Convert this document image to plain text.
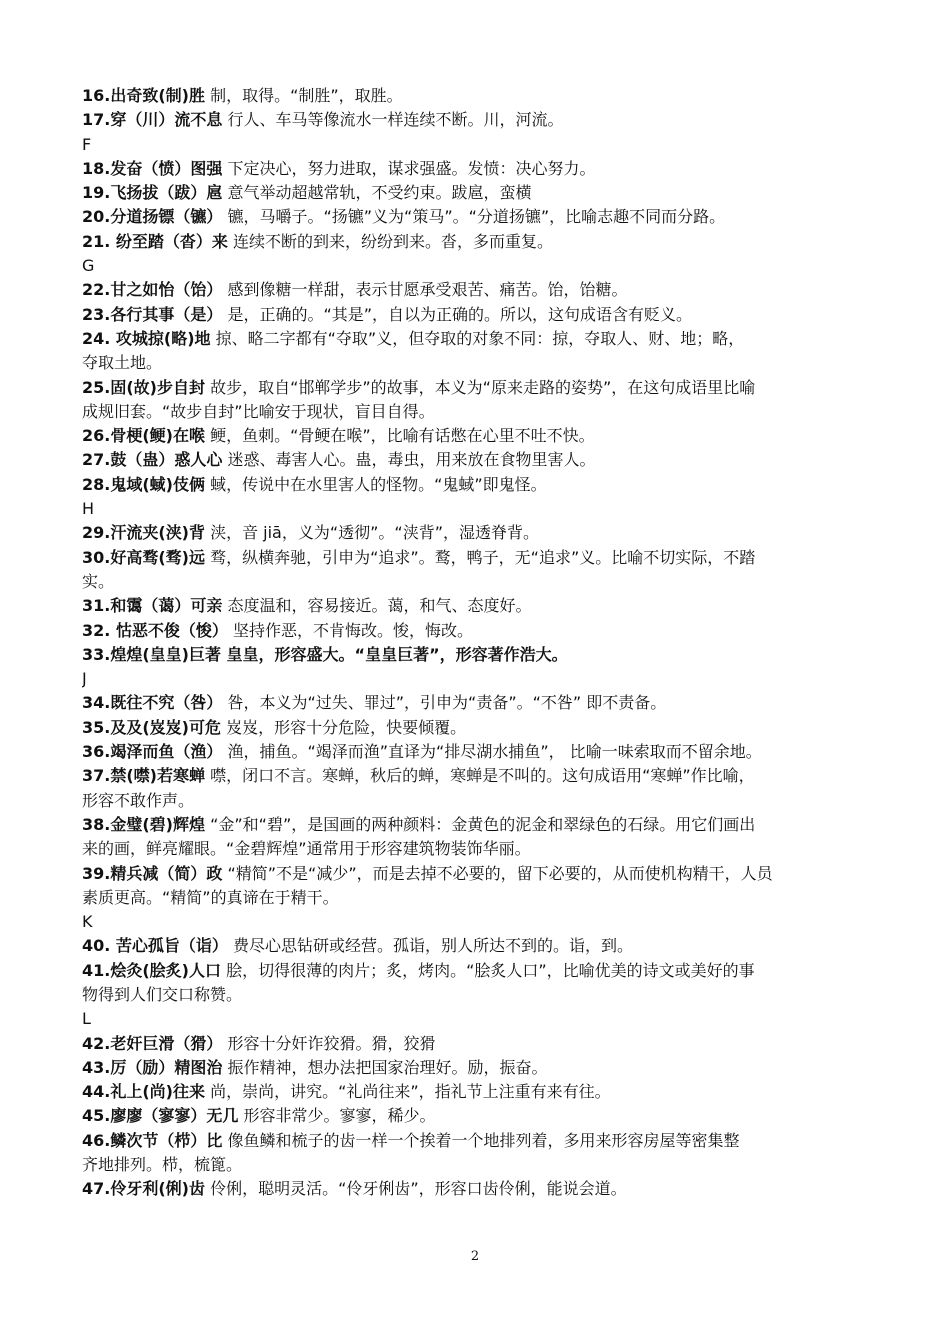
16.出奇致(制)胜 制，取得。“制胜”，取胜。
17.穿（川）流不息 行人、车马等像流水一样连续不断。川，河流。
F
18.发奋（愤）图强 下定决心，努力进取，谋求强盛。发愤：决心努力。
19.飞扬拔（跋）扈 意气举动超越常轨，不受约束。跋扈，蛮横
20.分道扬镖（镳） 镳，马嚼子。“扬镳”义为“策马”。“分道扬镳”，比喻志趣不同而分路。
21. 纷至踏（沓）来 连续不断的到来，纷纷到来。沓，多而重复。
G
22.甘之如怡（饴） 感到像糖一样甜，表示甘愿承受艰苦、痛苦。饴，饴糖。
23.各行其事（是） 是，正确的。“其是”，自以为正确的。所以，这句成语含有贬义。
24. 攻城掠(略)地 掠、略二字都有“夺取”义，但夺取的对象不同：掠，夺取人、财、地；略，
夺取土地。
25.固(故)步自封 故步，取自“邯郸学步”的故事，本义为“原来走路的姿势”，在这句成语里比喻
成规旧套。“故步自封”比喻安于现状，盲目自得。
26.骨梗(鲠)在喉 鲠，鱼刺。“骨鲠在喉”，比喻有话憋在心里不吐不快。
27.鼓（蛊）惑人心 迷惑、毒害人心。蛊，毒虫，用来放在食物里害人。
28.鬼域(蜮)伎俩 蜮，传说中在水里害人的怪物。“鬼蜮”即鬼怪。
H
29.汗流夹(浃)背 浃，音 jiā，义为“透彻”。“浃背”，湿透脊背。
30.好高骛(骛)远 骛，纵横奔驰，引申为“追求”。鹜，鸭子，无“追求”义。比喻不切实际，不踏
实。
31.和霭（蔼）可亲 态度温和，容易接近。蔼，和气、态度好。
32. 怙恶不俊（悛） 坚持作恶，不肯悔改。悛，悔改。
33.煌煌(皇皇)巨著 皇皇，形容盛大。“皇皇巨著”，形容著作浩大。
J
34.既往不究（咎） 咎，本义为“过失、罪过”，引申为“责备”。“不咎” 即不责备。
35.及及(岌岌)可危 岌岌，形容十分危险，快要倾覆。
36.竭泽而鱼（渔） 渔，捕鱼。“竭泽而渔”直译为“排尽湖水捕鱼”， 比喻一味索取而不留余地。
37.禁(噤)若寒蝉 噤，闭口不言。寒蝉，秋后的蝉，寒蝉是不叫的。这句成语用“寒蝉”作比喻，
形容不敢作声。
38.金璧(碧)辉煌 “金”和“碧”，是国画的两种颜料：金黄色的泥金和翠绿色的石绿。用它们画出
来的画，鲜亮耀眼。“金碧辉煌”通常用于形容建筑物装饰华丽。
39.精兵减（简）政 “精简”不是“减少”，而是去掉不必要的，留下必要的，从而使机构精干，人员
素质更高。“精简”的真谛在于精干。
K
40. 苦心孤旨（诣） 费尽心思钻研或经营。孤诣，别人所达不到的。诣，到。
41.烩灸(脍炙)人口 脍，切得很薄的肉片；炙，烤肉。“脍炙人口”，比喻优美的诗文或美好的事
物得到人们交口称赞。
L
42.老奸巨滑（猾） 形容十分奸诈狡猾。猾，狡猾
43.厉（励）精图治 振作精神，想办法把国家治理好。励，振奋。
44.礼上(尚)往来 尚，崇尚，讲究。“礼尚往来”，指礼节上注重有来有往。
45.廖廖（寥寥）无几 形容非常少。寥寥，稀少。
46.鳞次节（栉）比 像鱼鳞和梳子的齿一样一个挨着一个地排列着，多用来形容房屋等密集整
齐地排列。栉，梳篦。
47.伶牙利(俐)齿 伶俐，聪明灵活。“伶牙俐齿”，形容口齿伶俐，能说会道。
2
